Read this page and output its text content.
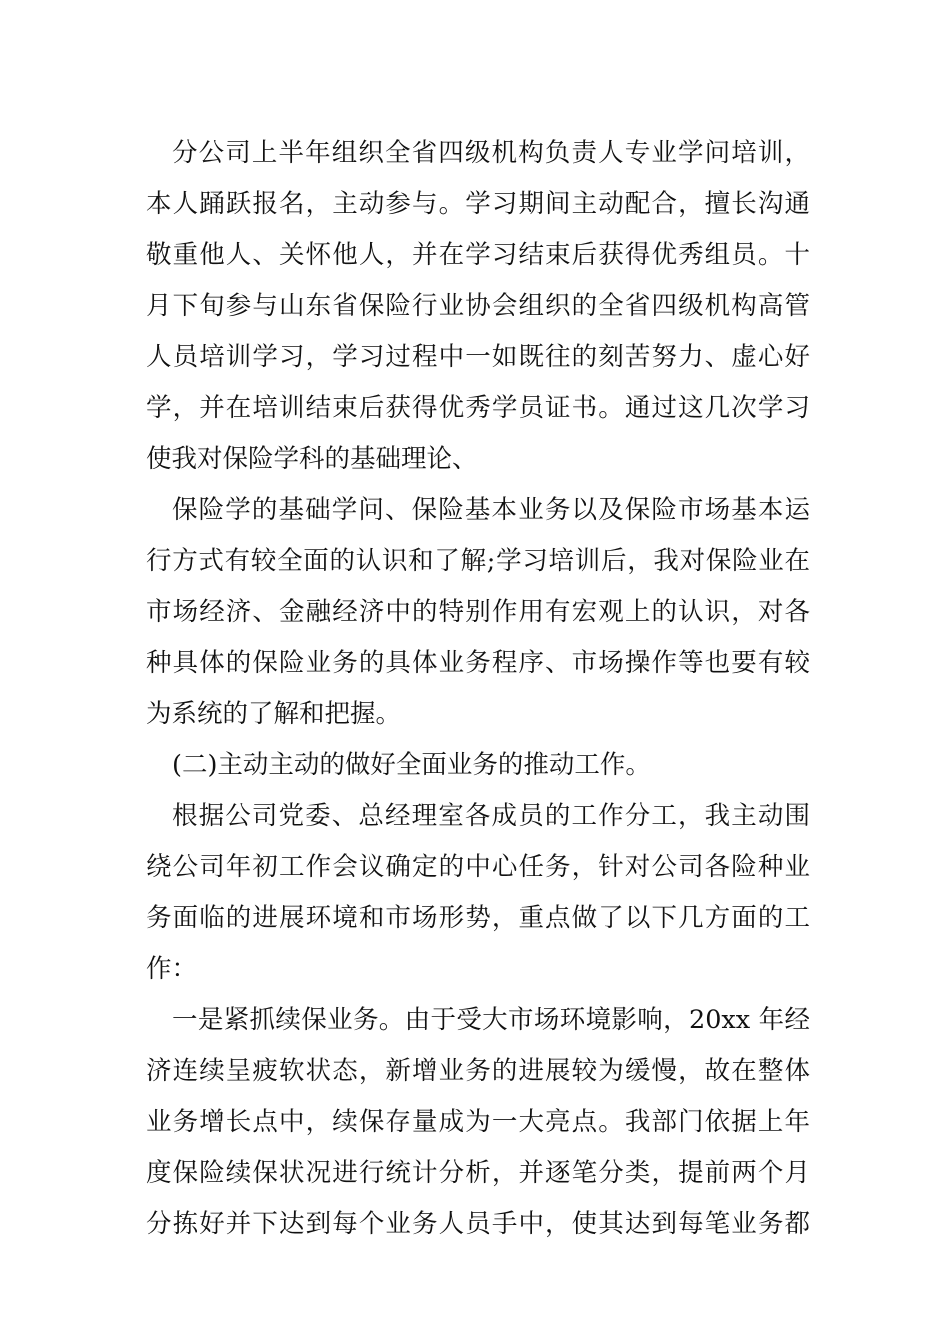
分公司上半年组织全省四级机构负责人专业学问培训，
本人踊跃报名，主动参与。学习期间主动配合，擅长沟通
敬重他人、关怀他人，并在学习结束后获得优秀组员。十
月下旬参与山东省保险行业协会组织的全省四级机构高管
人员培训学习，学习过程中一如既往的刻苦努力、虚心好
学，并在培训结束后获得优秀学员证书。通过这几次学习
使我对保险学科的基础理论、
保险学的基础学问、保险基本业务以及保险市场基本运
行方式有较全面的认识和了解;学习培训后，我对保险业在
市场经济、金融经济中的特别作用有宏观上的认识，对各
种具体的保险业务的具体业务程序、市场操作等也要有较
为系统的了解和把握。
(二)主动主动的做好全面业务的推动工作。
根据公司党委、总经理室各成员的工作分工，我主动围
绕公司年初工作会议确定的中心任务，针对公司各险种业
务面临的进展环境和市场形势，重点做了以下几方面的工
作：
一是紧抓续保业务。由于受大市场环境影响，20xx 年经
济连续呈疲软状态，新增业务的进展较为缓慢，故在整体
业务增长点中，续保存量成为一大亮点。我部门依据上年
度保险续保状况进行统计分析，并逐笔分类，提前两个月
分拣好并下达到每个业务人员手中，使其达到每笔业务都
